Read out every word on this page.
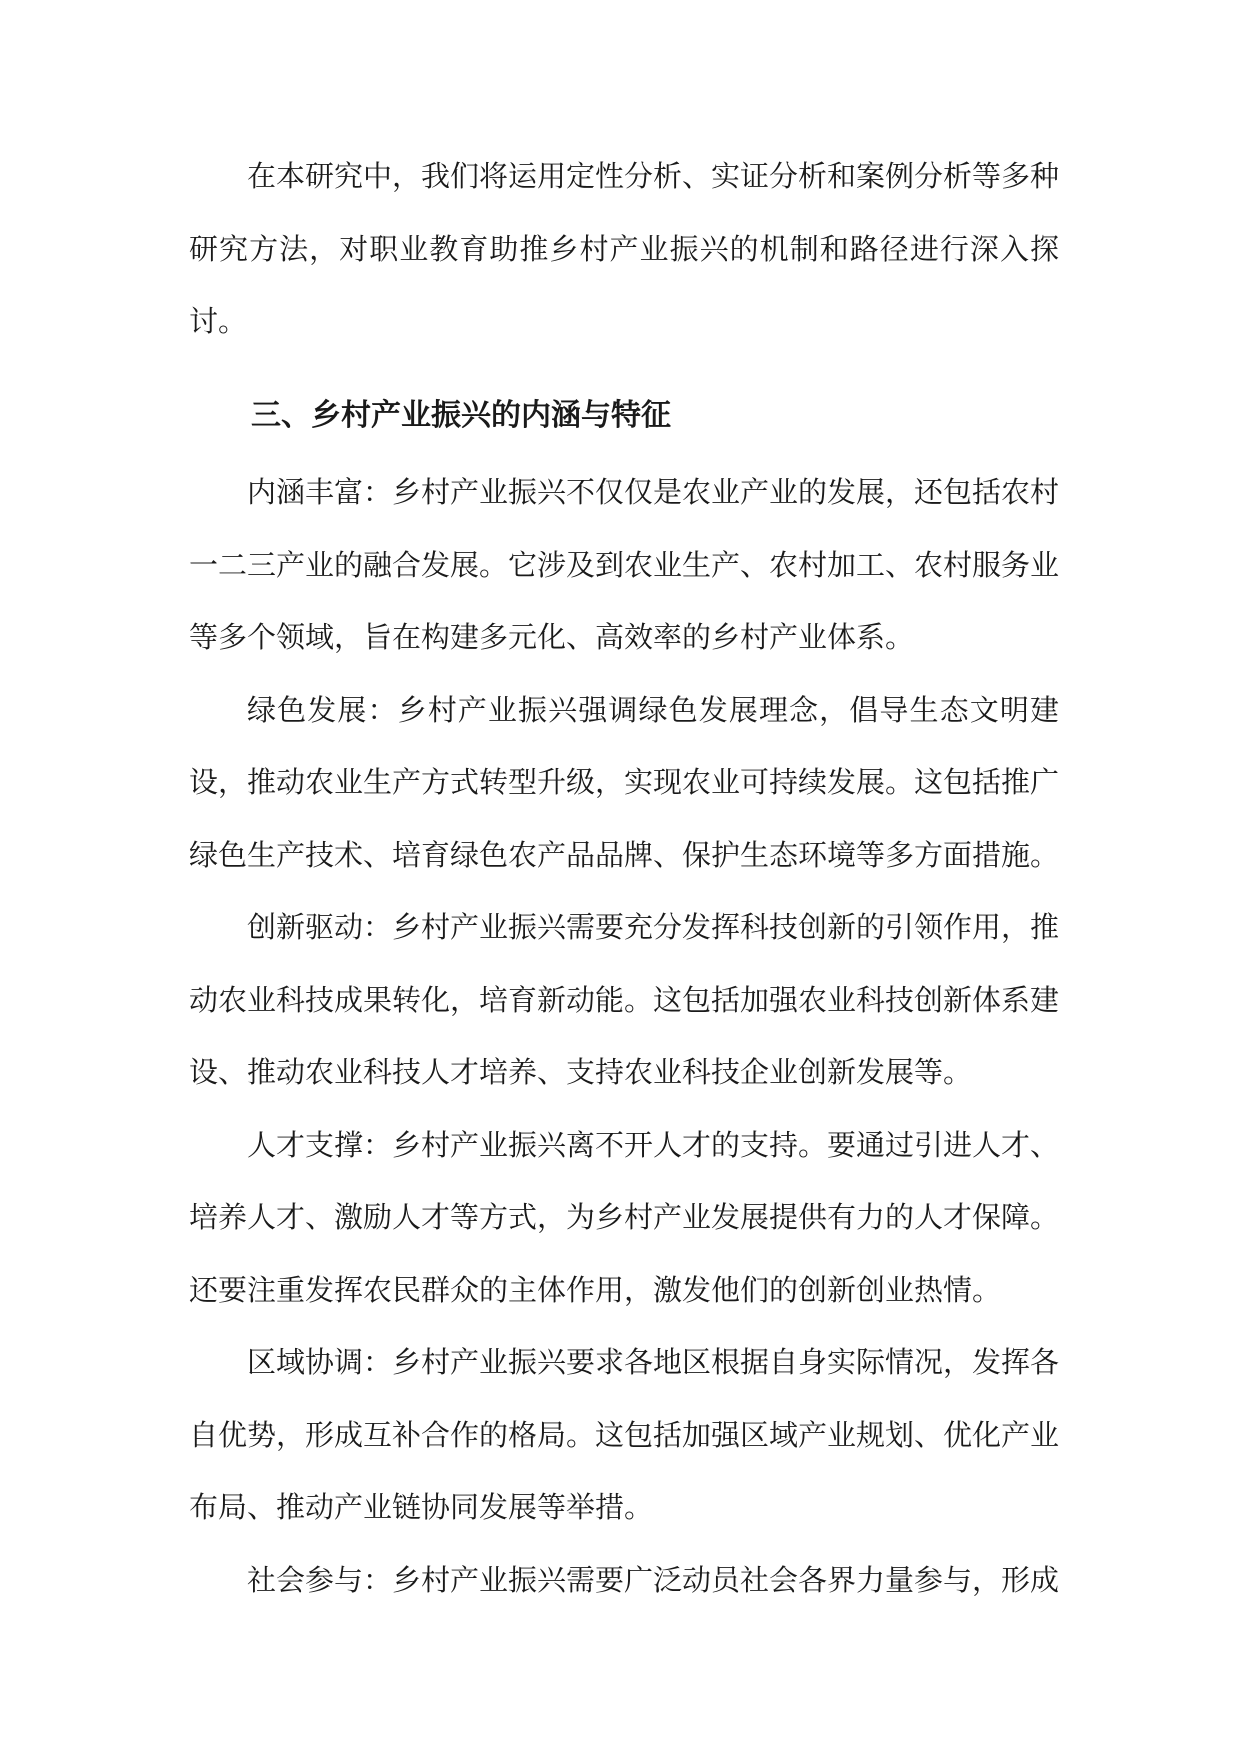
在本研究中，我们将运用定性分析、实证分析和案例分析等多种研究方法，对职业教育助推乡村产业振兴的机制和路径进行深入探讨。

三、乡村产业振兴的内涵与特征

内涵丰富：乡村产业振兴不仅仅是农业产业的发展，还包括农村一二三产业的融合发展。它涉及到农业生产、农村加工、农村服务业等多个领域，旨在构建多元化、高效率的乡村产业体系。

绿色发展：乡村产业振兴强调绿色发展理念，倡导生态文明建设，推动农业生产方式转型升级，实现农业可持续发展。这包括推广绿色生产技术、培育绿色农产品品牌、保护生态环境等多方面措施。

创新驱动：乡村产业振兴需要充分发挥科技创新的引领作用，推动农业科技成果转化，培育新动能。这包括加强农业科技创新体系建设、推动农业科技人才培养、支持农业科技企业创新发展等。

人才支撑：乡村产业振兴离不开人才的支持。要通过引进人才、培养人才、激励人才等方式，为乡村产业发展提供有力的人才保障。还要注重发挥农民群众的主体作用，激发他们的创新创业热情。

区域协调：乡村产业振兴要求各地区根据自身实际情况，发挥各自优势，形成互补合作的格局。这包括加强区域产业规划、优化产业布局、推动产业链协同发展等举措。

社会参与：乡村产业振兴需要广泛动员社会各界力量参与，形成
